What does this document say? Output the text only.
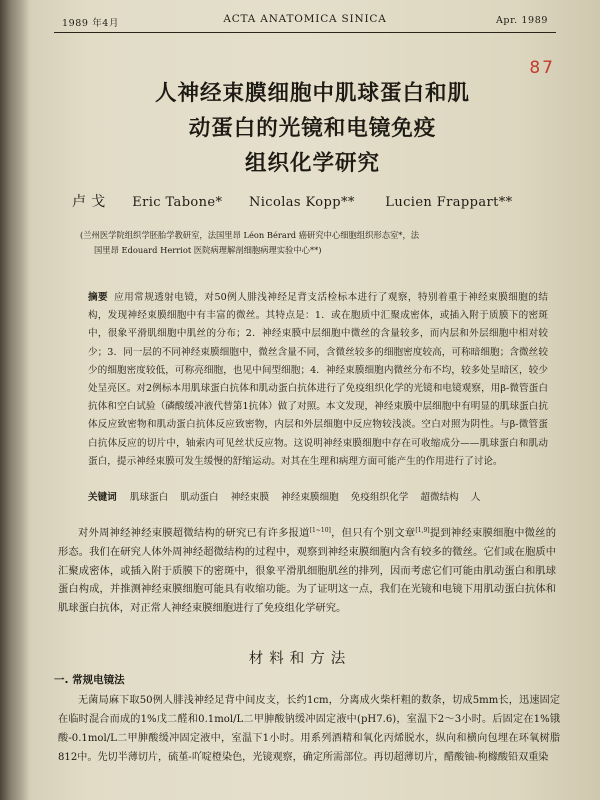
1989 年4月	ACTA ANATOMICA SINICA	Apr. 1989
87
人神经束膜细胞中肌球蛋白和肌
动蛋白的光镜和电镜免疫
组织化学研究
卢 戈 Eric Tabone* Nicolas Kopp** Lucien Frappart**
(兰州医学院组织学胚胎学教研室，法国里昂 Léon Bérard 癌研究中心细胞组织形态室*，法
国里昂 Edouard Herriot 医院病理解剖细胞病理实验中心**)
摘要 应用常规透射电镜，对50例人腓浅神经足背支活检标本进行了观察，特别着重于神经束膜细胞的结构，发现神经束膜细胞中有丰富的微丝。其特点是：1．或在胞质中汇聚成密体，或插入附于质膜下的密斑中，很象平滑肌细胞中肌丝的分布；2．神经束膜中层细胞中微丝的含量较多，而内层和外层细胞中相对较少；3．同一层的不同神经束膜细胞中，微丝含量不同，含微丝较多的细胞密度较高，可称暗细胞；含微丝较少的细胞密度较低，可称亮细胞，也见中间型细胞；4．神经束膜细胞内微丝分布不均，较多处呈暗区，较少处呈亮区。对2例标本用肌球蛋白抗体和肌动蛋白抗体进行了免疫组织化学的光镜和电镜观察，用β-微管蛋白抗体和空白试验（磷酸缓冲液代替第1抗体）做了对照。本文发现，神经束膜中层细胞中有明显的肌球蛋白抗体反应致密物和肌动蛋白抗体反应致密物，内层和外层细胞中反应物较浅淡。空白对照为阴性。与β-微管蛋白抗体反应的切片中，轴索内可见丝状反应物。这说明神经束膜细胞中存在可收缩成分——肌球蛋白和肌动蛋白，提示神经束膜可发生缓慢的舒缩运动。对其在生理和病理方面可能产生的作用进行了讨论。
关键词 肌球蛋白 肌动蛋白 神经束膜 神经束膜细胞 免疫组织化学 超微结构 人
对外周神经神经束膜超微结构的研究已有许多报道[1~10]，但只有个别文章[1,9]提到神经束膜细胞中微丝的形态。我们在研究人体外周神经超微结构的过程中，观察到神经束膜细胞内含有较多的微丝。它们或在胞质中汇聚成密体，或插入附于质膜下的密斑中，很象平滑肌细胞肌丝的排列，因而考虑它们可能由肌动蛋白和肌球蛋白构成，并推测神经束膜细胞可能具有收缩功能。为了证明这一点，我们在光镜和电镜下用肌动蛋白抗体和肌球蛋白抗体，对正常人神经束膜细胞进行了免疫组化学研究。
材料和方法
一. 常规电镜法
无菌局麻下取50例人腓浅神经足背中间皮支，长约1cm，分离成火柴杆粗的数条，切成5mm长，迅速固定在临时混合而成的1%戊二醛和0.1mol/L二甲胂酸钠缓冲固定液中(pH7.6)，室温下2～3小时。后固定在1%锇酸-0.1mol/L二甲胂酸缓冲固定液中，室温下1小时。用系列酒精和氧化丙烯脱水，纵向和横向包埋在环氧树脂812中。先切半薄切片，硫堇-吖啶橙染色，光镜观察，确定所需部位。再切超薄切片，醋酸铀-枸橼酸铅双重染
